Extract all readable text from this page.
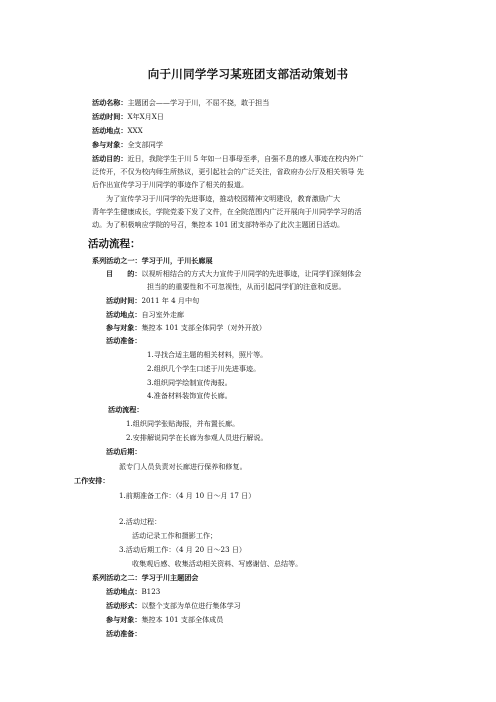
向于川同学学习某班团支部活动策划书
活动名称：主题团会——学习于川，不屈不挠，敢于担当
活动时间：X年X月X日
活动地点：XXX
参与对象：全支部同学
活动目的：近日，我院学生于川 5 年如一日事母至孝，自强不息的感人事迹在校内外广
泛传开，不仅为校内师生所热议，更引起社会的广泛关注，省政府办公厅及相关领导 先
后作出宣传学习于川同学的事迹作了相关的报道。
为了宣传学习于川同学的先进事迹，推动校园精神文明建设，教育激励广大
青年学生健康成长，学院党委下发了文件，在全院范围内广泛开展向于川同学学习的活
动。为了积极响应学院的号召，集控本 101 团支部特举办了此次主题团日活动。
活动流程：
系列活动之一：学习于川，于川长廊展
目　　的：以视听相结合的方式大力宣传于川同学的先进事迹，让同学们深刻体会
担当的的重要性和不可忽视性，从而引起同学们的注意和反思。
活动时间：2011 年 4 月中旬
活动地点：自习室外走廊
参与对象：集控本 101 支部全体同学（对外开放）
活动准备：
1.寻找合适主题的相关材料，照片等。
2.组织几个学生口述于川先进事迹。
3.组织同学绘制宣传海报。
4.准备材料装饰宣传长廊。
活动流程：
1.组织同学张贴海报，并布置长廊。
2.安排解说同学在长廊为参观人员进行解说。
活动后期：
派专门人员负责对长廊进行保养和修复。
工作安排：
1.前期准备工作：（4 月 10 日～月 17 日）
2.活动过程：
活动记录工作和摄影工作；
3.活动后期工作：（4 月 20 日～23 日）
收集观后感、收集活动相关资料、写感谢信、总结等。
系列活动之二：学习于川主题团会
活动地点：B123
活动形式：以整个支部为单位进行集体学习
参与对象：集控本 101 支部全体成员
活动准备：
